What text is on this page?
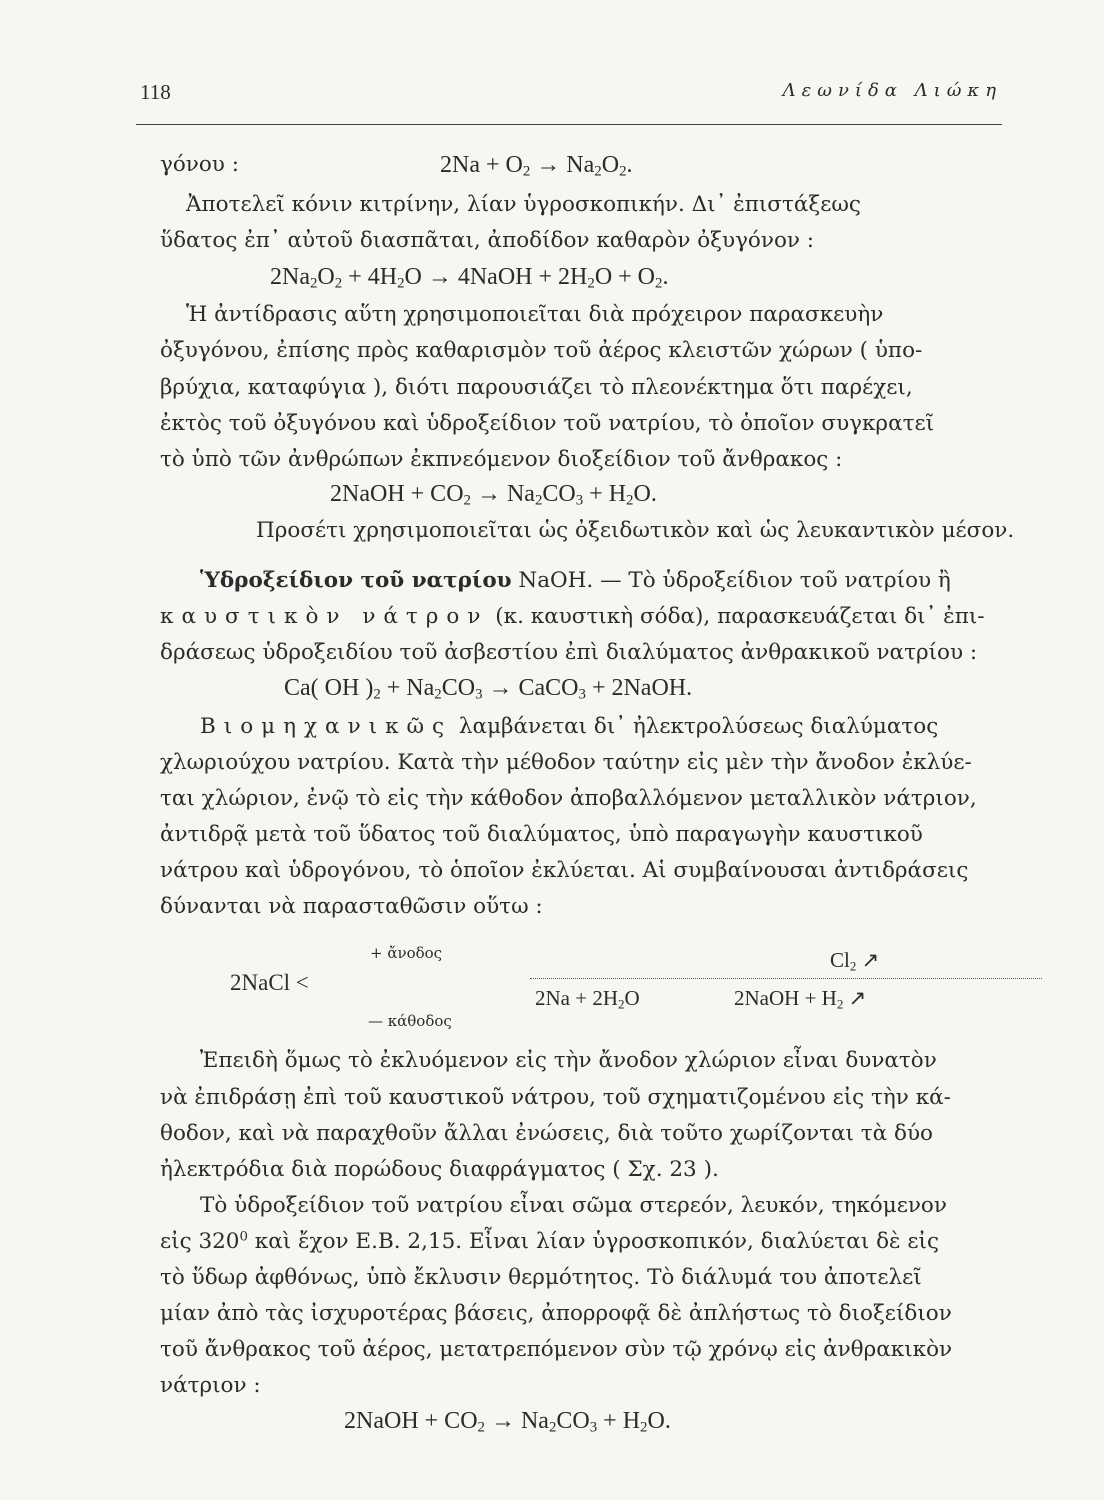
118	Λεωνίδα Λιώκη
γόνου :	$2Na + O_2 \to Na_2O_2$.
Ἀποτελεῖ κόνιν κιτρίνην, λίαν ὑγροσκοπικήν. Δι᾽ ἐπιστάξεως
ὕδατος ἐπ᾽ αὐτοῦ διασπᾶται, ἀποδίδον καθαρὸν ὀξυγόνον :
$2Na_2O_2 + 4H_2O$ → 4NaOH + $2H_2O + O_2$.
Ἡ ἀντίδρασις αὕτη χρησιμοποιεῖται διὰ πρόχειρον παρασκευὴν
ὀξυγόνου, ἐπίσης πρὸς καθαρισμὸν τοῦ ἀέρος κλειστῶν χώρων ( ὑπο-
βρύχια, καταφύγια ), διότι παρουσιάζει τὸ πλεονέκτημα ὅτι παρέχει,
ἐκτὸς τοῦ ὀξυγόνου καὶ ὑδροξείδιον τοῦ νατρίου, τὸ ὁποῖον συγκρατεῖ
τὸ ὑπὸ τῶν ἀνθρώπων ἐκπνεόμενον διοξείδιον τοῦ ἄνθρακος :
2NaOH + $CO_2 \to Na_2CO_3 + H_2O$.
Προσέτι χρησιμοποιεῖται ὡς ὀξειδωτικὸν καὶ ὡς λευκαντικὸν μέσον.
Ὑδροξείδιον τοῦ νατρίου NaOH. — Τὸ ὑδροξείδιον τοῦ νατρίου ἢ
καυστικὸν νάτρον (κ. καυστικὴ σόδα), παρασκευάζεται δι᾽ ἐπι-
δράσεως ὑδροξειδίου τοῦ ἀσβεστίου ἐπὶ διαλύματος ἀνθρακικοῦ νατρίου :
Ca( OH )$_2 + Na_2CO_3$ → CaCO$_3$ + 2NaOH.
Βιομηχανικῶς λαμβάνεται δι᾽ ἠλεκτρολύσεως διαλύματος
χλωριούχου νατρίου. Κατὰ τὴν μέθοδον ταύτην εἰς μὲν τὴν ἄνοδον ἐκλύε-
ται χλώριον, ἐνῷ τὸ εἰς τὴν κάθοδον ἀποβαλλόμενον μεταλλικὸν νάτριον,
ἀντιδρᾷ μετὰ τοῦ ὕδατος τοῦ διαλύματος, ὑπὸ παραγωγὴν καυστικοῦ
νάτρου καὶ ὑδρογόνου, τὸ ὁποῖον ἐκλύεται. Αἱ συμβαίνουσαι ἀντιδράσεις
δύνανται νὰ παρασταθῶσιν οὕτω :
+ ἄνοδος
2NaCl <
$Cl_2$ ↗
$2Na + 2H_2O$	2NaOH + $H_2$ ↗
— κάθοδος
Ἐπειδὴ ὅμως τὸ ἐκλυόμενον εἰς τὴν ἄνοδον χλώριον εἶναι δυνατὸν
νὰ ἐπιδράσῃ ἐπὶ τοῦ καυστικοῦ νάτρου, τοῦ σχηματιζομένου εἰς τὴν κά-
θοδον, καὶ νὰ παραχθοῦν ἄλλαι ἐνώσεις, διὰ τοῦτο χωρίζονται τὰ δύο
ἠλεκτρόδια διὰ πορώδους διαφράγματος ( Σχ. 23 ).
Τὸ ὑδροξείδιον τοῦ νατρίου εἶναι σῶμα στερεόν, λευκόν, τηκόμενον
εἰς $320^0$ καὶ ἔχον Ε.Β. 2,15. Εἶναι λίαν ὑγροσκοπικόν, διαλύεται δὲ εἰς
τὸ ὕδωρ ἀφθόνως, ὑπὸ ἔκλυσιν θερμότητος. Τὸ διάλυμά του ἀποτελεῖ
μίαν ἀπὸ τὰς ἰσχυροτέρας βάσεις, ἀπορροφᾷ δὲ ἀπλήστως τὸ διοξείδιον
τοῦ ἄνθρακος τοῦ ἀέρος, μετατρεπόμενον σὺν τῷ χρόνῳ εἰς ἀνθρακικὸν
νάτριον :
2NaOH + $CO_2 \to Na_2CO_3 + H_2O$.
